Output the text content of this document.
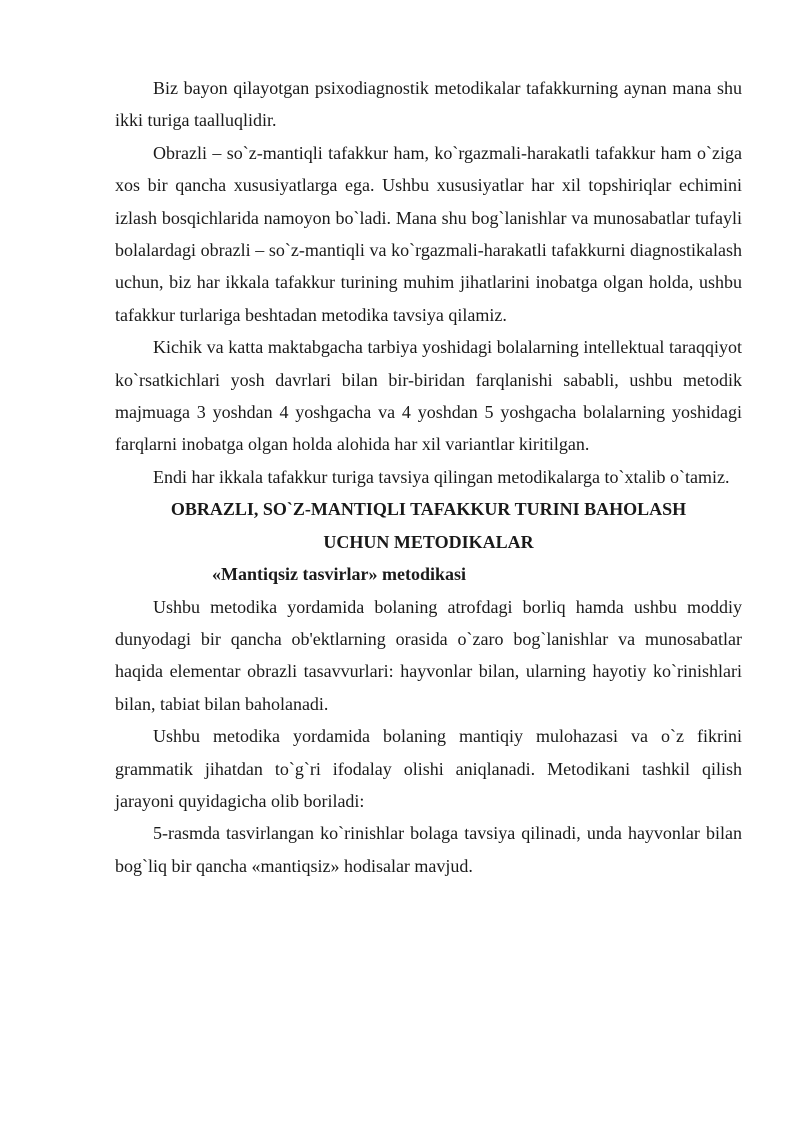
Biz bayon qilayotgan psixodiagnostik metodikalar tafakkurning aynan mana shu ikki turiga taalluqlidir.

Obrazli – so`z-mantiqli tafakkur ham, ko`rgazmali-harakatli tafakkur ham o`ziga xos bir qancha xususiyatlarga ega. Ushbu xususiyatlar har xil topshiriqlar echimini izlash bosqichlarida namoyon bo`ladi. Mana shu bog`lanishlar va munosabatlar tufayli bolalardagi obrazli – so`z-mantiqli va ko`rgazmali-harakatli tafakkurni diagnostikalash uchun, biz har ikkala tafakkur turining muhim jihatlarini inobatga olgan holda, ushbu tafakkur turlariga beshtadan metodika tavsiya qilamiz.

Kichik va katta maktabgacha tarbiya yoshidagi bolalarning intellektual taraqqiyot ko`rsatkichlari yosh davrlari bilan bir-biridan farqlanishi sababli, ushbu metodik majmuaga 3 yoshdan 4 yoshgacha va 4 yoshdan 5 yoshgacha bolalarning yoshidagi farqlarni inobatga olgan holda alohida har xil variantlar kiritilgan.

Endi har ikkala tafakkur turiga tavsiya qilingan metodikalarga to`xtalib o`tamiz.

OBRAZLI, SO`Z-MANTIQLI TAFAKKUR TURINI BAHOLASH
UCHUN METODIKALAR
«Mantiqsiz tasvirlar» metodikasi

Ushbu metodika yordamida bolaning atrofdagi borliq hamda ushbu moddiy dunyodagi bir qancha ob'ektlarning orasida o`zaro bog`lanishlar va munosabatlar haqida elementar obrazli tasavvurlari: hayvonlar bilan, ularning hayotiy ko`rinishlari bilan, tabiat bilan baholanadi.

Ushbu metodika yordamida bolaning mantiqiy mulohazasi va o`z fikrini grammatik jihatdan to`g`ri ifodalay olishi aniqlanadi. Metodikani tashkil qilish jarayoni quyidagicha olib boriladi:

5-rasmda tasvirlangan ko`rinishlar bolaga tavsiya qilinadi, unda hayvonlar bilan bog`liq bir qancha «mantiqsiz» hodisalar mavjud.
